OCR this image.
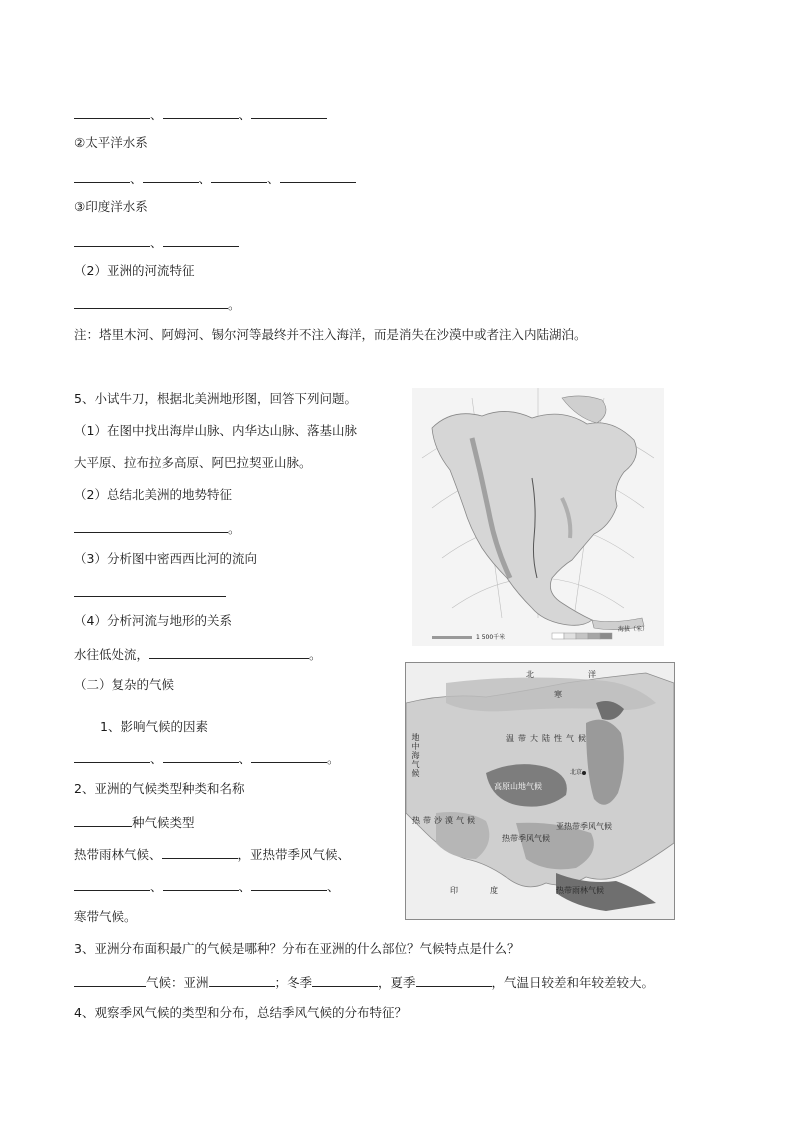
、	、
②太平洋水系
、	、	、
③印度洋水系
、
（2）亚洲的河流特征
。
注：塔里木河、阿姆河、锡尔河等最终并不注入海洋，而是消失在沙漠中或者注入内陆湖泊。
5、小试牛刀，根据北美洲地形图，回答下列问题。
（1）在图中找出海岸山脉、内华达山脉、落基山脉
大平原、拉布拉多高原、阿巴拉契亚山脉。
（2）总结北美洲的地势特征
。
（3）分析图中密西西比河的流向
（4）分析河流与地形的关系
水往低处流，	。
（二）复杂的气候
1、影响气候的因素
、	、	。
2、亚洲的气候类型种类和名称
种气候类型
热带雨林气候、	，亚热带季风气候、
、	、	、
寒带气候。
3、亚洲分布面积最广的气候是哪种？分布在亚洲的什么部位？气候特点是什么？
气候：亚洲	；冬季	，夏季	，气温日较差和年较差较大。
4、观察季风气候的类型和分布，总结季风气候的分布特征？
1 500千米
海拔（米）
北	洋
寒
温带大陆性气候
高原山地气候
北京
热带沙漠气候
亚热带季风气候
热带季风气候
地中海气候
热带雨林气候
印	度
